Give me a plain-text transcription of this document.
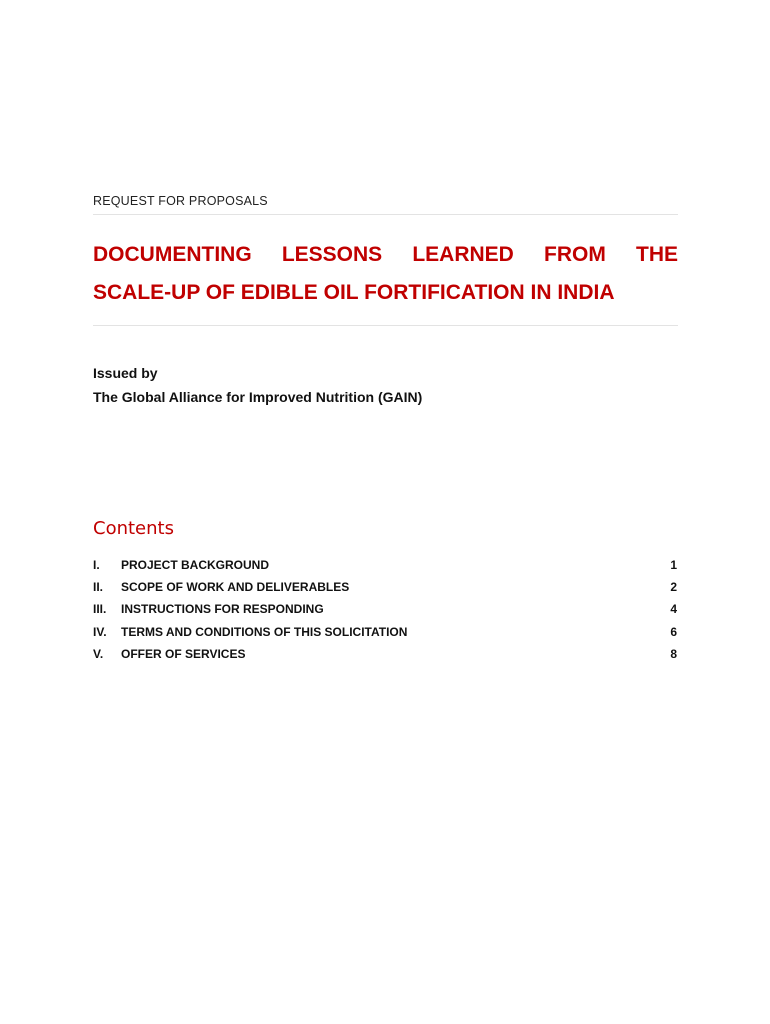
REQUEST FOR PROPOSALS
DOCUMENTING LESSONS LEARNED FROM THE
SCALE-UP OF EDIBLE OIL FORTIFICATION IN INDIA
Issued by
The Global Alliance for Improved Nutrition (GAIN)
Contents
I. PROJECT BACKGROUND	1
II. SCOPE OF WORK AND DELIVERABLES	2
III. INSTRUCTIONS FOR RESPONDING	4
IV. TERMS AND CONDITIONS OF THIS SOLICITATION	6
V. OFFER OF SERVICES	8
